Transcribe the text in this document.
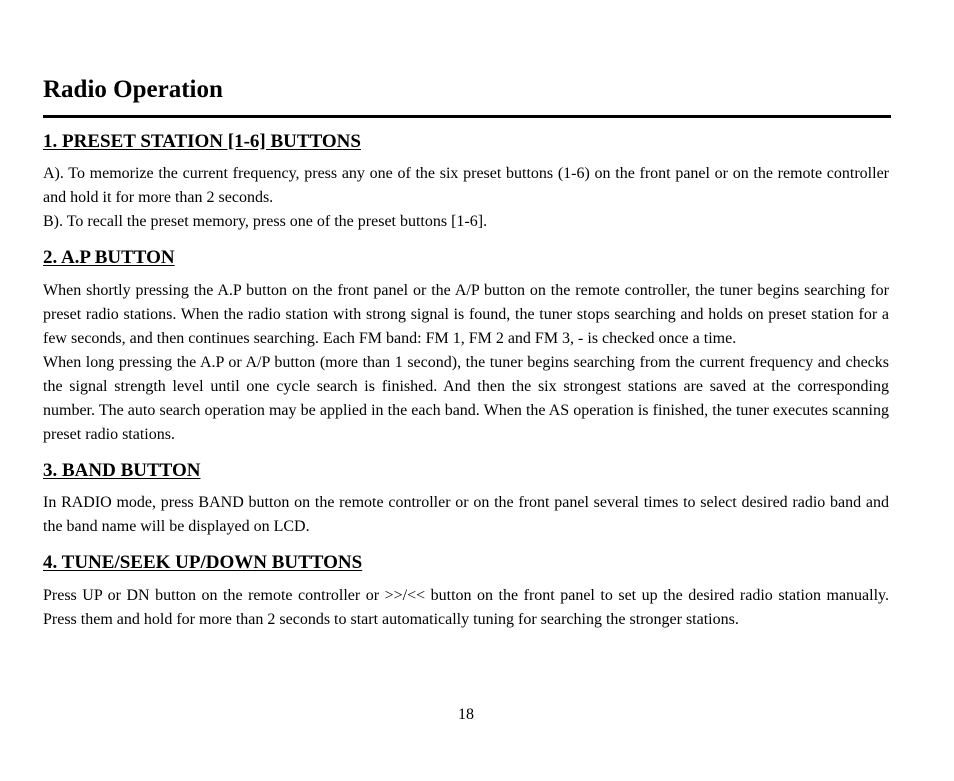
Radio Operation
1. PRESET STATION [1-6] BUTTONS

A). To memorize the current frequency, press any one of the six preset buttons (1-6) on the front panel or on the remote controller and hold it for more than 2 seconds.

B). To recall the preset memory, press one of the preset buttons [1-6].

2. A.P BUTTON

When shortly pressing the A.P button on the front panel or the A/P button on the remote controller, the tuner begins searching for preset radio stations. When the radio station with strong signal is found, the tuner stops searching and holds on preset station for a few seconds, and then continues searching. Each FM band: FM 1, FM 2 and FM 3, - is checked once a time.

When long pressing the A.P or A/P button (more than 1 second), the tuner begins searching from the current frequency and checks the signal strength level until one cycle search is finished. And then the six strongest stations are saved at the corresponding number. The auto search operation may be applied in the each band. When the AS operation is finished, the tuner executes scanning preset radio stations.

3. BAND BUTTON

In RADIO mode, press BAND button on the remote controller or on the front panel several times to select desired radio band and the band name will be displayed on LCD.

4. TUNE/SEEK UP/DOWN BUTTONS

Press UP or DN button on the remote controller or >>/<< button on the front panel to set up the desired radio station manually. Press them and hold for more than 2 seconds to start automatically tuning for searching the stronger stations.

18
